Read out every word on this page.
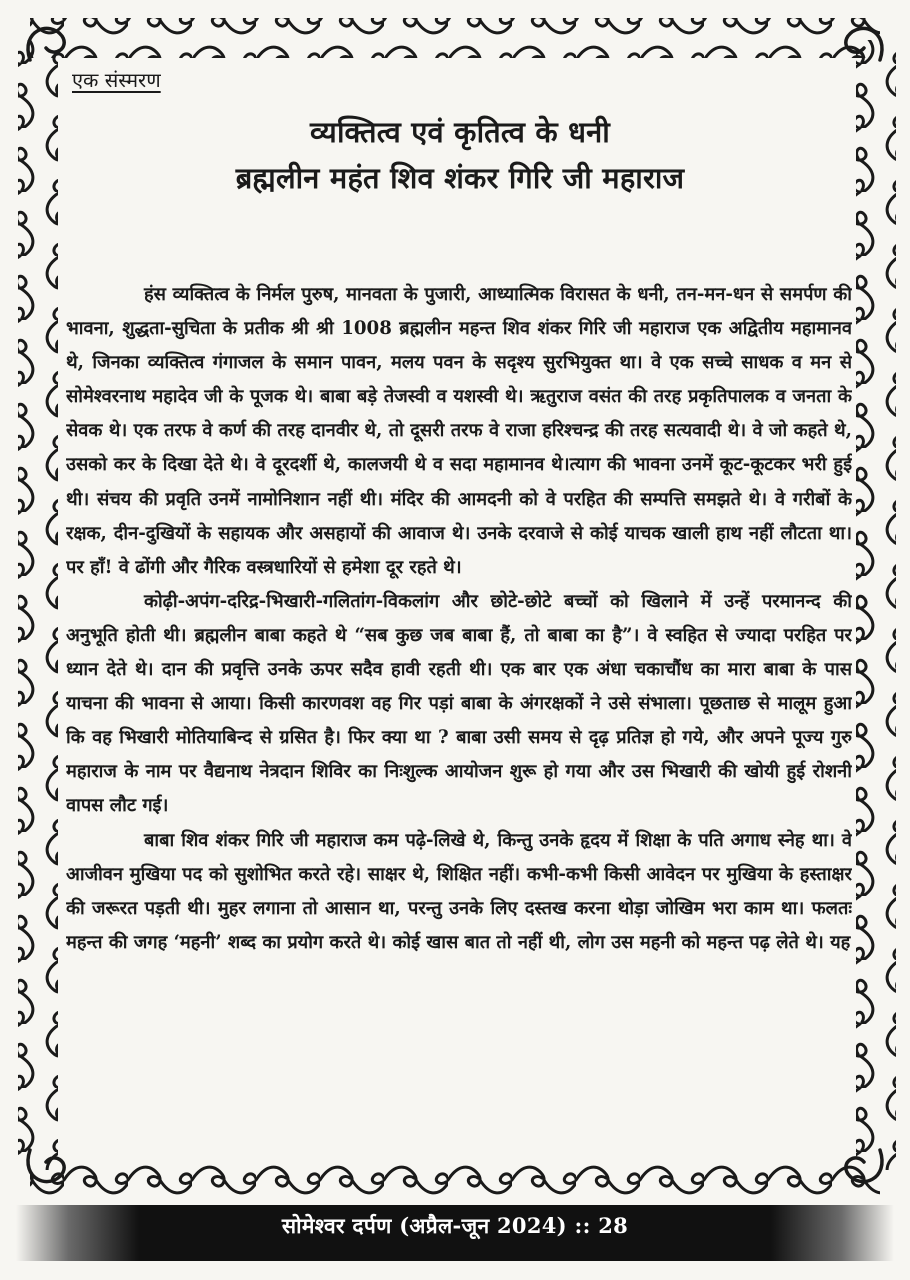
एक संस्मरण
व्यक्तित्व एवं कृतित्व के धनी
ब्रह्मलीन महंत शिव शंकर गिरि जी महाराज

हंस व्यक्तित्व के निर्मल पुरुष, मानवता के पुजारी, आध्यात्मिक विरासत के धनी, तन-मन-धन से समर्पण की भावना, शुद्धता-सुचिता के प्रतीक श्री श्री 1008 ब्रह्मलीन महन्त शिव शंकर गिरि जी महाराज एक अद्वितीय महामानव थे, जिनका व्यक्तित्व गंगाजल के समान पावन, मलय पवन के सदृश्य सुरभियुक्त था। वे एक सच्चे साधक व मन से सोमेश्वरनाथ महादेव जी के पूजक थे। बाबा बड़े तेजस्वी व यशस्वी थे। ऋतुराज वसंत की तरह प्रकृतिपालक व जनता के सेवक थे। एक तरफ वे कर्ण की तरह दानवीर थे, तो दूसरी तरफ वे राजा हरिश्चन्द्र की तरह सत्यवादी थे। वे जो कहते थे, उसको कर के दिखा देते थे। वे दूरदर्शी थे, कालजयी थे व सदा महामानव थे।त्याग की भावना उनमें कूट-कूटकर भरी हुई थी। संचय की प्रवृति उनमें नामोनिशान नहीं थी। मंदिर की आमदनी को वे परहित की सम्पत्ति समझते थे। वे गरीबों के रक्षक, दीन-दुखियों के सहायक और असहायों की आवाज थे। उनके दरवाजे से कोई याचक खाली हाथ नहीं लौटता था। पर हाँ! वे ढोंगी और गैरिक वस्त्रधारियों से हमेशा दूर रहते थे।

कोढ़ी-अपंग-दरिद्र-भिखारी-गलितांग-विकलांग और छोटे-छोटे बच्चों को खिलाने में उन्हें परमानन्द की अनुभूति होती थी। ब्रह्मलीन बाबा कहते थे “सब कुछ जब बाबा हैं, तो बाबा का है”। वे स्वहित से ज्यादा परहित पर ध्यान देते थे। दान की प्रवृत्ति उनके ऊपर सदैव हावी रहती थी। एक बार एक अंधा चकाचौंध का मारा बाबा के पास याचना की भावना से आया। किसी कारणवश वह गिर पड़ां बाबा के अंगरक्षकों ने उसे संभाला। पूछताछ से मालूम हुआ कि वह भिखारी मोतियाबिन्द से ग्रसित है। फिर क्या था ? बाबा उसी समय से दृढ़ प्रतिज्ञ हो गये, और अपने पूज्य गुरु महाराज के नाम पर वैद्यनाथ नेत्रदान शिविर का निःशुल्क आयोजन शुरू हो गया और उस भिखारी की खोयी हुई रोशनी वापस लौट गई।

बाबा शिव शंकर गिरि जी महाराज कम पढ़े-लिखे थे, किन्तु उनके हृदय में शिक्षा के पति अगाध स्नेह था। वे आजीवन मुखिया पद को सुशोभित करते रहे। साक्षर थे, शिक्षित नहीं। कभी-कभी किसी आवेदन पर मुखिया के हस्ताक्षर की जरूरत पड़ती थी। मुहर लगाना तो आसान था, परन्तु उनके लिए दस्तख करना थोड़ा जोखिम भरा काम था। फलतः महन्त की जगह ‘महनी’ शब्द का प्रयोग करते थे। कोई खास बात तो नहीं थी, लोग उस महनी को महन्त पढ़ लेते थे। यह

सोमेश्वर दर्पण (अप्रैल-जून 2024) :: 28
